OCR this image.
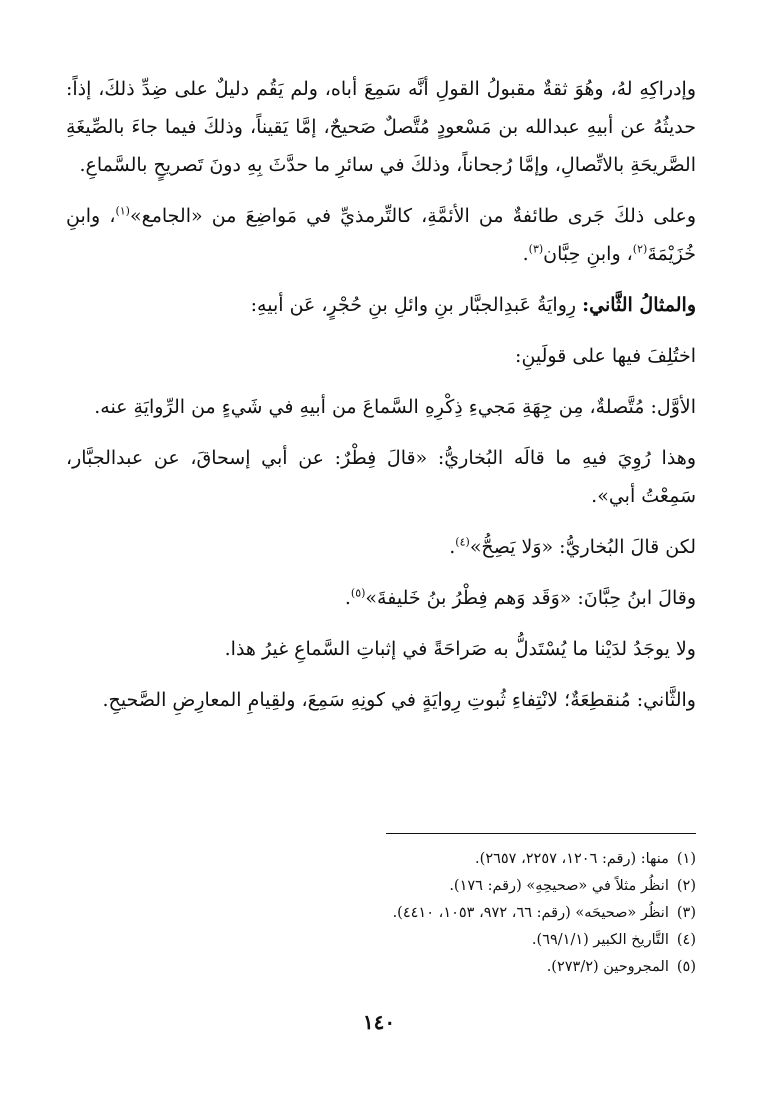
وإدراكِهِ لهُ، وهُوَ ثقةٌ مقبولُ القولِ أنَّه سَمِعَ أباه، ولم يَقُم دليلٌ على ضِدِّ ذلكَ، إذاً: حديثُهُ عن أبيهِ عبدالله بن مَسْعودٍ مُتَّصلٌ صَحيحٌ، إمَّا يَقيناً، وذلكَ فيما جاءَ بالصِّيغَةِ الصَّريحَةِ بالاتِّصالِ، وإمَّا رُجحاناً، وذلكَ في سائرِ ما حدَّثَ بِهِ دونَ تَصريحٍ بالسَّماعِ.

وعلى ذلكَ جَرى طائفةٌ من الأئمَّةِ، كالتِّرمذيِّ في مَواضِعَ من «الجامع»$^{(١)}$، وابنِ خُزَيْمَةَ$^{(٢)}$، وابنِ حِبَّان$^{(٣)}$.

والمثالُ الثَّاني: رِوايَةُ عَبدِالجبَّار بنِ وائلِ بنِ حُجْرٍ، عَن أبيهِ:

اختُلِفَ فيها على قولَينِ:

الأوَّل: مُتَّصلةٌ، مِن جِهَةِ مَجيءِ ذِكْرِهِ السَّماعَ من أبيهِ في شَيءٍ من الرِّوايَةِ عنه.

وهذا رُوِيَ فيهِ ما قالَه البُخاريُّ: «قالَ فِطْرٌ: عن أبي إسحاقَ، عن عبدالجبَّار، سَمِعْتُ أبي».

لكن قالَ البُخاريُّ: «وَلا يَصِحُّ»$^{(٤)}$.

وقالَ ابنُ حِبَّانَ: «وَقَد وَهم فِطْرُ بنُ خَليفةَ»$^{(٥)}$.

ولا يوجَدُ لدَيْنا ما يُسْتَدلُّ به صَراحَةً في إثباتِ السَّماعِ غيرُ هذا.

والثَّاني: مُنقطِعَةٌ؛ لانْتِفاءِ ثُبوتِ رِوايَةٍ في كونِهِ سَمِعَ، ولقِيامِ المعارِضِ الصَّحيحِ.

(١)منها: (رقم: ١٢٠٦، ٢٢٥٧، ٢٦٥٧).
(٢)انظُر مثلاً في «صحيحِهِ» (رقم: ١٧٦).
(٣)انظُر «صحيحَه» (رقم: ٦٦، ٩٧٢، ١٠٥٣، ٤٤١٠).
(٤)التَّاريخ الكبير (٦٩/١/١).
(٥)المجروحين (٢٧٣/٢).
١٤٠
